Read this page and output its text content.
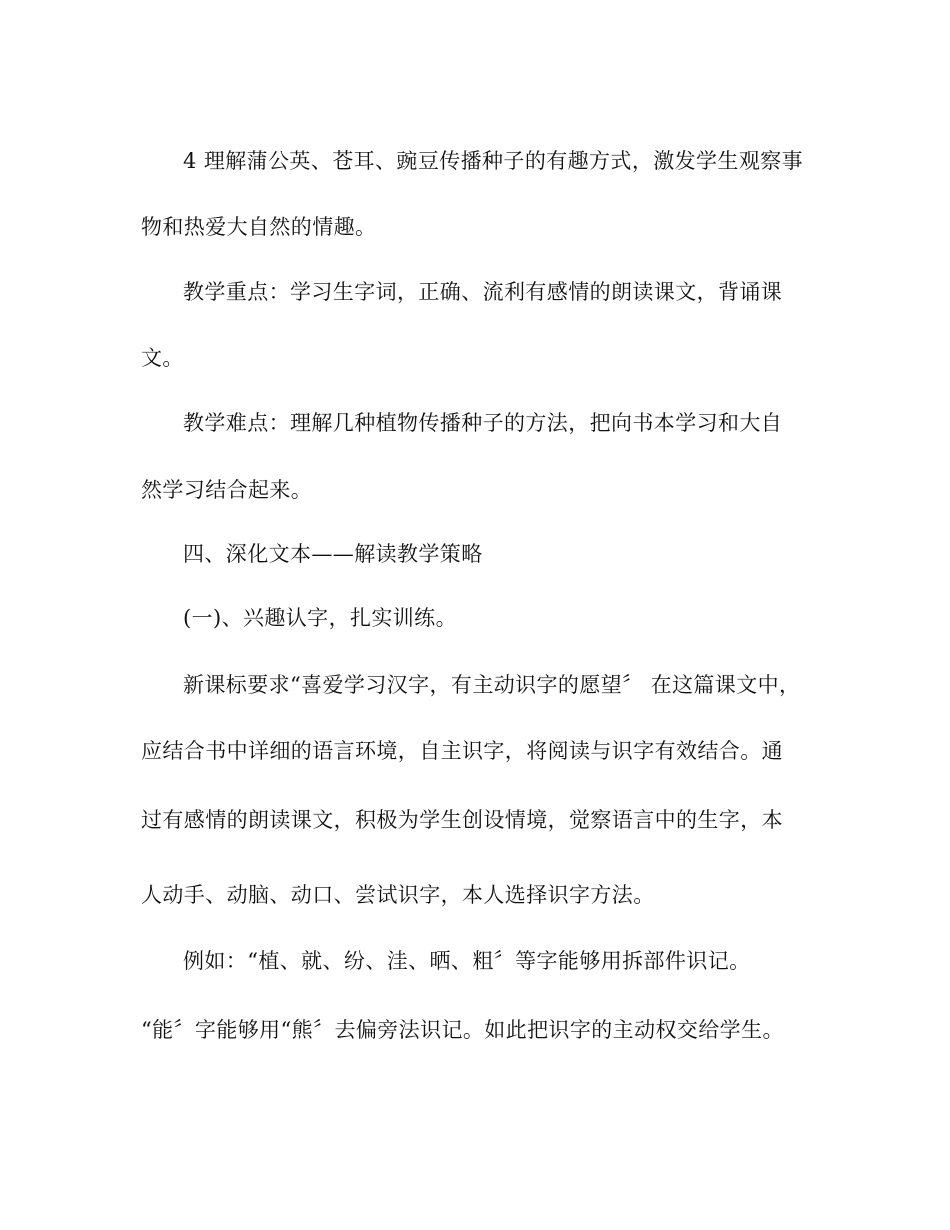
4 理解蒲公英、苍耳、豌豆传播种子的有趣方式，激发学生观察事
物和热爱大自然的情趣。
教学重点：学习生字词，正确、流利有感情的朗读课文，背诵课
文。
教学难点：理解几种植物传播种子的方法，把向书本学习和大自
然学习结合起来。
四、深化文本——解读教学策略
(一)、兴趣认字，扎实训练。
新课标要求“喜爱学习汉字，有主动识字的愿望〞 在这篇课文中，
应结合书中详细的语言环境，自主识字，将阅读与识字有效结合。通
过有感情的朗读课文，积极为学生创设情境，觉察语言中的生字，本
人动手、动脑、动口、尝试识字，本人选择识字方法。
例如：“植、就、纷、洼、晒、粗〞等字能够用拆部件识记。
“能〞字能够用“熊〞去偏旁法识记。如此把识字的主动权交给学生。
